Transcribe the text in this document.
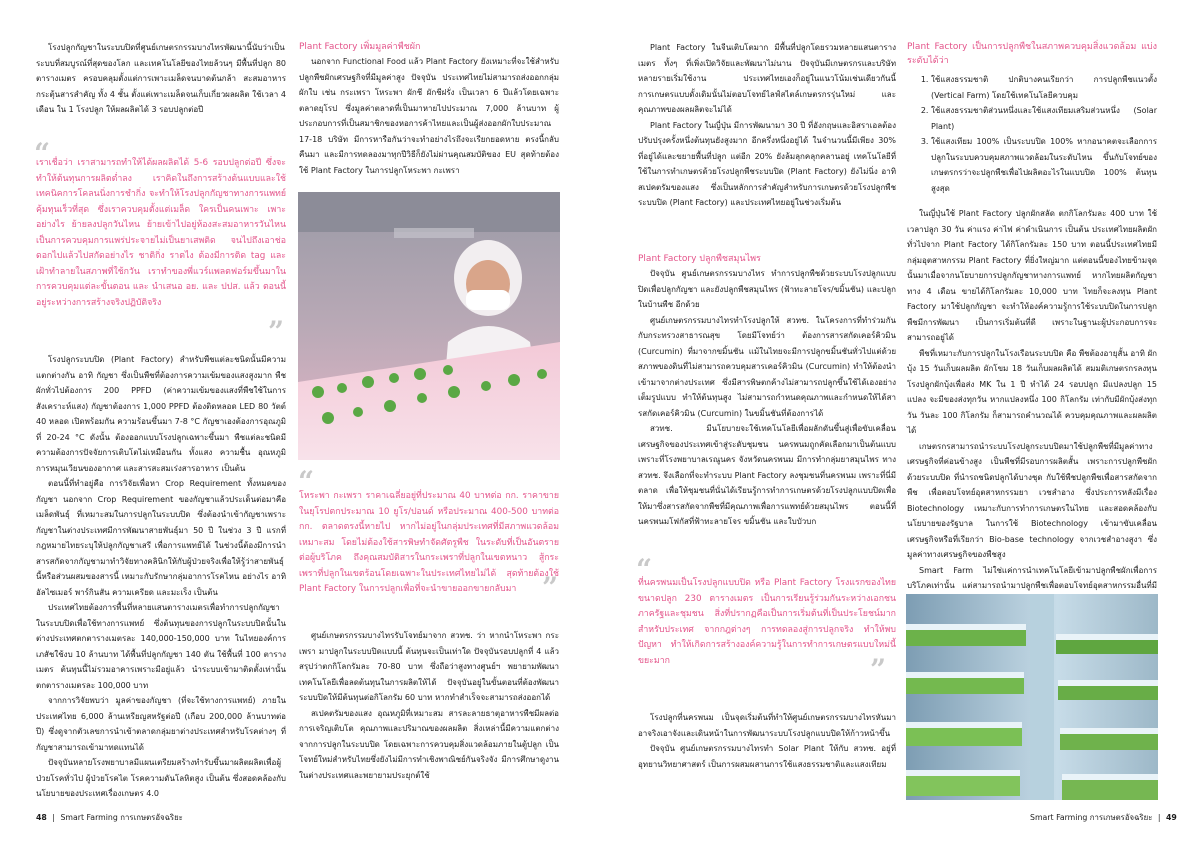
โรงปลูกกัญชาในระบบปิดที่ศูนย์เกษตรกรรมบางไทรพัฒนานี้นับว่าเป็นระบบที่สมบูรณ์ที่สุดของโลก และเทคโนโลยีของไทยล้วนๆ มีพื้นที่ปลูก 80 ตารางเมตร ครอบคลุมตั้งแต่การเพาะเมล็ดจนบาดต้นกล้า สะสมอาหาร กระตุ้นสารสำคัญ ทั้ง 4 ชั้น ตั้งแต่เพาะเมล็ดจนเก็บเกี่ยวผลผลิต ใช้เวลา 4 เดือน ใน 1 โรงปลูก ให้ผลผลิตได้ 3 รอบปลูกต่อปี

“
เราเชื่อว่า เราสามารถทำให้ได้ผลผลิตได้ 5-6 รอบปลูกต่อปี ซึ่งจะทำให้ต้นทุนการผลิตต่ำลง เราคิดในถึงการสร้างต้นแบบและใช้เทคนิคการโคลนนิ่งการชำกิ่ง จะทำให้โรงปลูกกัญชาทางการแพทย์คุ้มทุนเร็วที่สุด ซึ่งเราควบคุมตั้งแต่เมล็ด ใครเป็นคนเพาะ เพาะอย่างไร ย้ายลงปลูกวันไหน ย้ายเข้าไปอยู่ห้องสะสมอาหารวันไหน เป็นการควบคุมการแพร่ประจายไม่เป็นยาเสพติด จนไปถึงเอาช่อดอกไปแล้วไปสกัดอย่างไร ชาติกิ่ง ราตไง ต้องมีการติด tag และเฝ้าทำลายในสภาพที่ใช้กวัน เราทำของพี่แวร์แพลตฟอร์มขึ้นมาในการควบคุมแต่ละขั้นตอน และ นำเสนอ อย. และ ปปส. แล้ว ตอนนี้อยู่ระหว่างการสร้างจริงปฏิบัติจริง
”

โรงปลูกระบบปิด (Plant Factory) สำหรับพืชแต่ละชนิดนั้นมีความแตกต่างกัน อาทิ กัญชา ซึ่งเป็นพืชที่ต้องการความเข้มของแสงสูงมาก พืชผักทั่วไปต้องการ 200 PPFD (ค่าความเข้มของแสงที่พืชใช้ในการสังเคราะห์แสง) กัญชาต้องการ 1,000 PPFD ต้องติดหลอด LED 80 วัตต์ 40 หลอด เปิดพร้อมกัน ความร้อนขึ้นมา 7-8 °C กัญชาเองต้องการอุณภูมิที่ 20-24 °C ดังนั้น ต้องออกแบบโรงปลูกเฉพาะขึ้นมา พืชแต่ละชนิดมีความต้องการปัจจัยการเติบโตไม่เหมือนกัน ทั้งแสง ความชื้น อุณหภูมิ การหมุนเวียนของอากาศ และสารสะสมเร่งสารอาหาร เป็นต้น

ตอนนี้ที่ทำอยู่คือ การวิจัยเพื่อหา Crop Requirement ทั้งหมดของกัญชา นอกจาก Crop Requirement ของกัญชาแล้วประเด็นต่อมาคือ เมล็ดพันธุ์ ที่เหมาะสมในการปลูกในระบบปิด ซึ่งต้องนำเข้ากัญชาเพราะกัญชาในต่างประเทศมีการพัฒนาสายพันธุ์มา 50 ปี ในช่วง 3 ปี แรกที่กฎหมายไทยระบุให้ปลูกกัญชาเสรี เพื่อการแพทย์ได้ ในช่วงนี้ต้องมีการนำสารสกัดจากกัญชามาทำวิจัยทางคลินิกให้กับผู้ป่วยจริงเพื่อให้รู้ว่าสายพันธุ์นี้หรือส่วนผสมของสารนี้ เหมาะกับรักษากลุ่มอาการโรคไหน อย่างไร อาทิ อัลไซเมอร์ พาร์กินสัน ความเครียด และมะเร็ง เป็นต้น

ประเทศไทยต้องการพื้นที่หลายแสนตารางเมตรเพื่อทำการปลูกกัญชาในระบบปิดเพื่อใช้ทางการแพทย์ ซึ่งต้นทุนของการปลูกในระบบปิดนั้นในต่างประเทศตกตารางเมตรละ 140,000-150,000 บาท ในไทยองค์การเภสัชใช้งบ 10 ล้านบาท ได้พื้นที่ปลูกกัญชา 140 ตัน ใช้พื้นที่ 100 ตารางเมตร ต้นทุนนี้ไม่รวมอาคารเพราะมีอยู่แล้ว นำระบบเข้ามาติดตั้งเท่านั้น ตกตารางเมตรละ 100,000 บาท

จากการวิจัยพบว่า มูลค่าของกัญชา (ที่จะใช้ทางการแพทย์) ภายในประเทศไทย 6,000 ล้านเหรียญสหรัฐต่อปี (เกือบ 200,000 ล้านบาทต่อปี) ซึ่งดูจากตัวเลขการนำเข้าตลาดกลุ่มยาต่างประเทศสำหรับโรคต่างๆ ที่กัญชาสามารถเข้ามาทดแทนได้

ปัจจุบันหลายโรงพยาบาลมีแผนเตรียมสร้างทำรับขึ้นมาผลิตผลิตเพื่อผู้ป่วยโรคทั่วไป ผู้ป่วยโรคไต โรคความดันโลหิตสูง เป็นต้น ซึ่งสอดคล้องกับนโยบายของประเทศเรื่องเกษตร 4.0

Plant Factory เพิ่มมูลค่าพืชผัก

นอกจาก Functional Food แล้ว Plant Factory ยังเหมาะที่จะใช้สำหรับปลูกพืชผักเศรษฐกิจที่มีมูลค่าสูง ปัจจุบัน ประเทศไทยไม่สามารถส่งออกกลุ่มผักใบ เช่น กระเพรา โหระพา ผักชี ผักชีฝรั่ง เป็นเวลา 6 ปีแล้วโดยเฉพาะตลาดยุโรป ซึ่งมูลค่าตลาดที่เป็นมาหายไปประมาณ 7,000 ล้านบาท ผู้ประกอบการที่เป็นสมาชิกของหอการค้าไทยและเป็นผู้ส่งออกผักใบประมาณ 17-18 บริษัท มีการหารือกันว่าจะทำอย่างไรถึงจะเรียกยอดหาย ตรงนี้กลับคืนมา และมีการทดลองมาทุกปีวิธีก็ยังไม่ผ่านคุณสมบัติของ EU สุดท้ายต้องใช้ Plant Factory ในการปลูกโหระพา กะเพรา

“
โหระพา กะเพรา ราคาเฉลี่ยอยู่ที่ประมาณ 40 บาทต่อ กก. ราคาขายในยุโรปตกประมาณ 10 ยูโร/ปอนด์ หรือประมาณ 400-500 บาทต่อ กก. ตลาดตรงนี้หายไป หากไม่อยู่ในกลุ่มประเทศที่มีสภาพแวดล้อมเหมาะสม โดยไม่ต้องใช้สารพิษทำจัดศัตรูพืช ในระดับที่เป็นอันตรายต่อผู้บริโภค ถึงคุณสมบัติสารในกระเพราที่ปลูกในเขตหนาว สู้กระเพราที่ปลูกในเขตร้อนโดยเฉพาะในประเทศไทยไม่ได้ สุดท้ายต้องใช้ Plant Factory ในการปลูกเพื่อที่จะนำขายออกขายกลับมา ”

ศูนย์เกษตรกรรมบางไทรรับโจทย์มาจาก สวทช. ว่า หากนำโหระพา กระเพรา มาปลูกในระบบปิดแบบนี้ ต้นทุนจะเป็นเท่าใด ปัจจุบันรอบปลูกที่ 4 แล้ว สรุปว่าตกกิโลกรัมละ 70-80 บาท ซึ่งถือว่าสูงทางศูนย์ฯ พยายามพัฒนาเทคโนโลยีเพื่อลดต้นทุนในการผลิตให้ได้ ปัจจุบันอยู่ในขั้นตอนที่ต้องพัฒนาระบบปิดให้มีต้นทุนต่อกิโลกรัม 60 บาท หากทำสำเร็จจะสามารถส่งออกได้

สเปคตรัมของแสง อุณหภูมิที่เหมาะสม สารละลายธาตุอาหารพืชมีผลต่อการเจริญเติบโต คุณภาพและปริมาณของผลผลิต สิ่งเหล่านี้มีความแตกต่างจากการปลูกในระบบปิด โดยเฉพาะการควบคุมสิ่งแวดล้อมภายในตู้ปลูก เป็นโจทย์ใหม่สำหรับไทยซึ่งยังไม่มีการทำเชิงพาณิชย์กันจริงจัง มีการศึกษาดูงานในต่างประเทศและพยายามประยุกต์ใช้

48 | Smart Farming การเกษตรอัจฉริยะ

Plant Factory ในจีนเติบโตมาก มีพื้นที่ปลูกโดยรวมหลายแสนตารางเมตร ทั้งๆ ที่เพิ่งเปิดวิจัยและพัฒนาไม่นาน ปัจจุบันมีเกษตรกรและบริษัทหลายรายเริ่มใช้งาน ประเทศไทยเองก็อยู่ในแนวโน้มเช่นเดียวกันนี้ การเกษตรแบบดั้งเดิมนั้นไม่ตอบโจทย์ไลฟ์สไตล์เกษตรกรรุ่นใหม่ และคุณภาพของผลผลิตจะไม่ได้

Plant Factory ในญี่ปุ่น มีการพัฒนามา 30 ปี ที่อังกฤษและอิสราเอลต้องปรับปรุงครั้งหนึ่งต้นทุนยังสูงมาก อีกครึ่งหนึ่งอยู่ได้ ในจำนวนนี้มีเพียง 30% ที่อยู่ได้และขยายพื้นที่ปลูก แต่อีก 20% ยังล้มลุกคลุกคลานอยู่ เทคโนโลยีที่ใช้ในการทำเกษตรด้วยโรงปลูกพืชระบบปิด (Plant Factory) ยังไม่นิ่ง อาทิ สเปคตรัมของแสง ซึ่งเป็นหลักการสำคัญสำหรับการเกษตรด้วยโรงปลูกพืชระบบปิด (Plant Factory) และประเทศไทยอยู่ในช่วงเริ่มต้น

Plant Factory ปลูกพืชสมุนไพร

ปัจจุบัน ศูนย์เกษตรกรรมบางไทร ทำการปลูกพืชด้วยระบบโรงปลูกแบบปิดเพื่อปลูกกัญชา และยังปลูกพืชสมุนไพร (ฟ้าทะลายโจร/ขมิ้นชัน) และปลูกในบ้านพืช อีกด้วย

ศูนย์เกษตรกรรมบางไทรทำโรงปลูกให้ สวทช. ในโครงการที่ทำร่วมกันกับกระทรวงสาธารณสุข โดยมีโจทย์ว่า ต้องการสารสกัดเคอร์คิวมิน (Curcumin) ที่มาจากขมิ้นชัน แม้ในไทยจะมีการปลูกขมิ้นชันทั่วไปแต่ด้วยสภาพของดินที่ไม่สามารถควบคุมสารเคอร์คิวมิน (Curcumin) ทำให้ต้องนำเข้ามาจากต่างประเทศ ซึ่งมีสารพิษตกค้างไม่สามารถปลูกขึ้นใช้ได้เองอย่างเต็มรูปแบบ ทำให้ต้นทุนสูง ไม่สามารถกำหนดคุณภาพและกำหนดให้ได้สารสกัดเคอร์คิวมิน (Curcumin) ในขมิ้นชันที่ต้องการได้

สวทช. มีนโยบายจะใช้เทคโนโลยีเพื่อผลักดันขึ้นสู่เพื่อขับเคลื่อนเศรษฐกิจของประเทศเข้าสู่ระดับชุมชน นครพนมถูกคัดเลือกมาเป็นต้นแบบ เพราะที่โรงพยาบาลเรณูนคร จังหวัดนครพนม มีการทำกลุ่มยาสมุนไพร ทาง สวทช. จึงเลือกที่จะทำระบบ Plant Factory ลงชุมชนที่นครพนม เพราะที่นี่มีตลาด เพื่อให้ชุมชนที่นั่นได้เรียนรู้การทำการเกษตรด้วยโรงปลูกแบบปิดเพื่อให้มาซึ่งสารสกัดจากพืชที่มีคุณภาพเพื่อการแพทย์ด้วยสมุนไพร ตอนนี้ที่นครพนมโฟกัสที่ฟ้าทะลายโจร ขมิ้นชัน และใบบัวบก

“
ที่นครพนมเป็นโรงปลูกแบบปิด หรือ Plant Factory โรงแรกของไทย ขนาดปลูก 230 ตารางเมตร เป็นการเรียนรู้ร่วมกันระหว่างเอกชน ภาครัฐและชุมชน สิ่งที่ปรากฏคือเป็นการเริ่มต้นที่เป็นประโยชน์มากสำหรับประเทศ จากกฎต่างๆ การทดลองสู่การปลูกจริง ทำให้พบปัญหา ทำให้เกิดการสร้างองค์ความรู้ในการทำการเกษตรแบบใหม่นี้ขยะมาก	”

โรงปลูกที่นครพนม เป็นจุดเริ่มต้นที่ทำให้ศูนย์เกษตรกรรมบางไทรหันมาอาจริงเอาจังและเดินหน้าในการพัฒนาระบบโรงปลูกแบบปิดให้ก้าวหน้าขึ้น

ปัจจุบัน ศูนย์เกษตรกรรมบางไทรทำ Solar Plant ให้กับ สวทช. อยู่ที่อุทยานวิทยาศาสตร์ เป็นการผสมผสานการใช้แสงธรรมชาติและแสงเทียม

Plant Factory เป็นการปลูกพืชในสภาพควบคุมสิ่งแวดล้อม แบ่งระดับได้ว่า

1. ใช้แสงธรรมชาติ ปกติบางคนเรียกว่า การปลูกพืชแนวตั้ง (Vertical Farm) โดยใช้เทคโนโลยีควบคุม
2. ใช้แสงธรรมชาติส่วนหนึ่งและใช้แสงเทียมเสริมส่วนหนึ่ง (Solar Plant)
3. ใช้แสงเทียม 100% เป็นระบบปิด 100% หากอนาคตจะเลือกการปลูกในระบบควบคุมสภาพแวดล้อมในระดับไหน ขึ้นกับโจทย์ของเกษตรกรว่าจะปลูกพืชเพื่อไปผลิตอะไรในแบบปิด 100% ต้นทุนสูงสุด

ในญี่ปุ่นใช้ Plant Factory ปลูกผักสลัด ตกกิโลกรัมละ 400 บาท ใช้เวลาปลูก 30 วัน ค่าแรง ค่าไฟ ค่าดำเนินการ เป็นต้น ประเทศไทยผลิตผักทั่วไปจาก Plant Factory ได้กิโลกรัมละ 150 บาท ตอนนี้ประเทศไทยมีกลุ่มอุตสาหกรรม Plant Factory ที่ยิ่งใหญ่มาก แต่ตอนนี้ของไทยข้ามจุดนั้นมาเมื่อจากนโยบายการปลูกกัญชาทางการแพทย์ หากไทยผลิตกัญชาทาง 4 เดือน ขายได้กิโลกรัมละ 10,000 บาท ไทยก็จะลงทุน Plant Factory มาใช้ปลูกกัญชา จะทำให้องค์ความรู้การใช้ระบบปิดในการปลูกพืชมีการพัฒนา เป็นการเริ่มต้นที่ดี เพราะในฐานะผู้ประกอบการจะสามารถอยู่ได้

พืชที่เหมาะกับการปลูกในโรงเรือนระบบปิด คือ พืชต้องอายุสั้น อาทิ ผักบุ้ง 15 วันเก็บผลผลิต ผักโขม 18 วันเก็บผลผลิตได้ สมมติเกษตรกรลงทุนโรงปลูกผักบุ้งเพื่อส่ง MK ใน 1 ปี ทำได้ 24 รอบปลูก มีแปลงปลูก 15 แปลง จะมีของส่งทุกวัน หากแปลงหนึ่ง 100 กิโลกรัม เท่ากับมีผักบุ้งส่งทุกวัน วันละ 100 กิโลกรัม ก็สามารถคำนวณได้ ควบคุมคุณภาพและผลผลิตได้

เกษตรกรสามารถนำระบบโรงปลูกระบบปิดมาใช้ปลูกพืชที่มีมูลค่าทางเศรษฐกิจที่ค่อนข้างสูง เป็นพืชที่มีรอบการผลิตสั้น เพราะการปลูกพืชผักด้วยระบบปิด ที่นำรถชนิดปลูกได้บางชุด กับใช้พืชปลูกพืชเพื่อสารสกัดจากพืช เพื่อตอบโจทย์อุตสาหกรรมยา เวชสำอาง ซึ่งประการหลังมีเรื่อง Biotechnology เหมาะกับการทำการเกษตรในไทย และสอดคล้องกับนโยบายของรัฐบาล ในการใช้ Biotechnology เข้ามาขับเคลื่อนเศรษฐกิจหรือที่เรียกว่า Bio-base technology จากเวชสำอางสูงา ซึ่งมูลค่าทางเศรษฐกิจของพืชสูง

Smart Farm ไม่ใช่แค่การนำเทคโนโลยีเข้ามาปลูกพืชผักเพื่อการบริโภคเท่านั้น แต่สามารถนำมาปลูกพืชเพื่อตอบโจทย์อุตสาหกรรมอื่นที่มี

Smart Farming การเกษตรอัจฉริยะ | 49
